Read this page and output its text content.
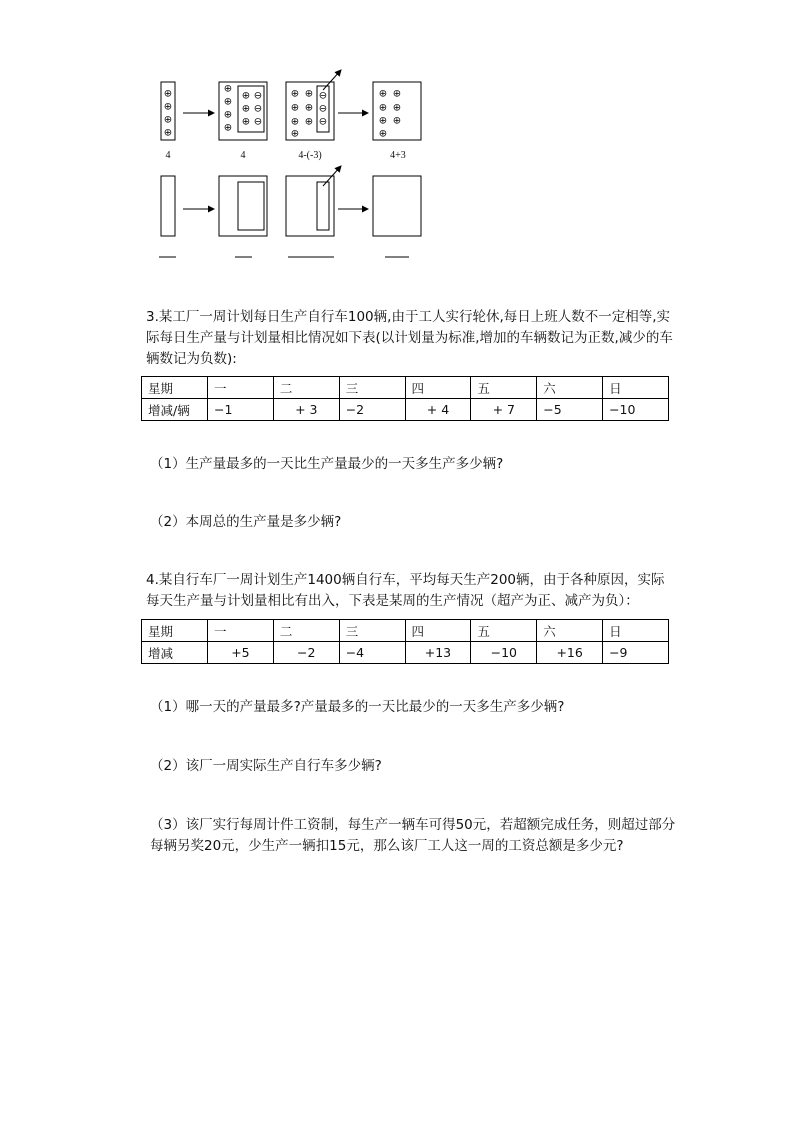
⊕
⊕
⊕
⊕
⊕ ⊖
⊕ ⊖
⊕ ⊖
⊕
⊕
⊕
⊕	⊕ ⊕
⊕ ⊕
⊕ ⊕
⊕
⊖
⊖
⊖
⊕ ⊕
⊕ ⊕
⊕ ⊕
⊕
4	4	4-(-3)	4+3
3.某工厂一周计划每日生产自行车100辆,由于工人实行轮休,每日上班人数不一定相等,实际每日生产量与计划量相比情况如下表(以计划量为标准,增加的车辆数记为正数,减少的车辆数记为负数):
星期	一	二	三	四	五	六	日
增减/辆	−1	+ 3	−2	+ 4	+ 7	−5	−10
（1）生产量最多的一天比生产量最少的一天多生产多少辆?
（2）本周总的生产量是多少辆?
4.某自行车厂一周计划生产1400辆自行车，平均每天生产200辆，由于各种原因，实际每天生产量与计划量相比有出入，下表是某周的生产情况（超产为正、减产为负）：
星期	一	二	三	四	五	六	日
增减	+5	−2	−4	+13	−10	+16	−9
（1）哪一天的产量最多?产量最多的一天比最少的一天多生产多少辆?
（2）该厂一周实际生产自行车多少辆?
（3）该厂实行每周计件工资制，每生产一辆车可得50元，若超额完成任务，则超过部分每辆另奖20元，少生产一辆扣15元，那么该厂工人这一周的工资总额是多少元?
